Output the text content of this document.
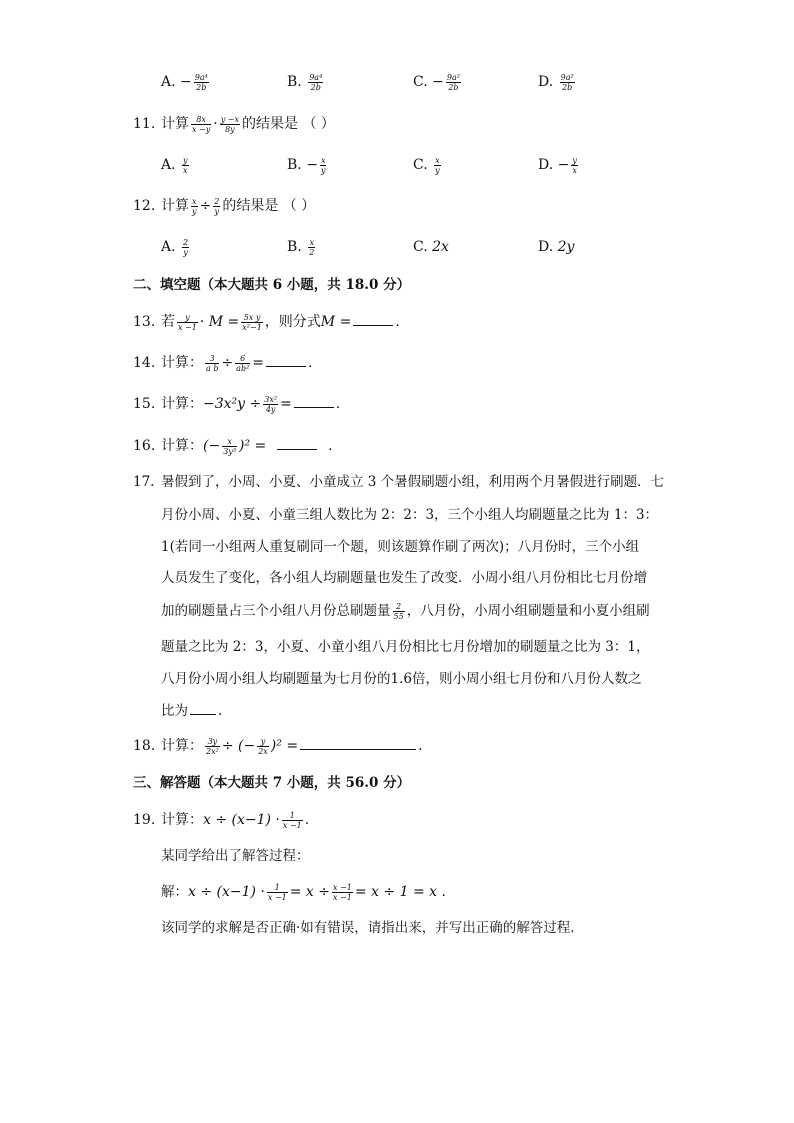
A. − $\frac{\text{9a⁴}}{2b}$	B. $\frac{\text{9a⁴}}{2b}$	C. − $\frac{\text{9a²}}{2b}$	D. $\frac{\text{9a²}}{2b}$
11. 计算 $\frac{8x}{x -y} \cdot \frac{y -x}{8y}$ 的结果是 （ ）
A. $\frac{y}{x}$	B. − $\frac{x}{y}$	C. $\frac{x}{y}$	D. − $\frac{y}{x}$
12. 计算 $\frac{x}{y} \div \frac{2}{y}$ 的结果是 （ ）
A. $\frac{2}{y}$	B. $\frac{x}{2}$	C. 2x	D. 2y
二、填空题（本大题共 6 小题，共 18.0 分）
13. 若 $\frac{y}{x -1} \cdot M = \frac{\text{5x y}}{\text{x²−1}}$ ，则分式M =	.
14. 计算： $\frac{3}{\text{a b}} \div \frac{6}{\text{ab²}}$ =	.
15. 计算：$-3x^2y \div \frac{\text{3x²}}{4y}$ =	.
16. 计算：(− $\frac{x}{\text{3y³}} )^2$ =	.
17. 暑假到了，小周、小夏、小童成立 3 个暑假刷题小组，利用两个月暑假进行刷题．七
月份小周、小夏、小童三组人数比为 2：2：3，三个小组人均刷题量之比为 1：3：
1(若同一小组两人重复刷同一个题，则该题算作刷了两次)；八月份时，三个小组
人员发生了变化，各小组人均刷题量也发生了改变．小周小组八月份相比七月份增
加的刷题量占三个小组八月份总刷题量 $\frac{2}{55}$ ，八月份，小周小组刷题量和小夏小组刷
题量之比为 2：3，小夏、小童小组八月份相比七月份增加的刷题量之比为 3：1，
八月份小周小组人均刷题量为七月份的1.6倍，则小周小组七月份和八月份人数之
比为 .
18. 计算： $\frac{3y}{\text{2x²}}$ ÷ (− $\frac{y}{2x} )^2$ =	.
三、解答题（本大题共 7 小题，共 56.0 分）
19. 计算：$x \div (x-1) \cdot \frac{1}{x -1}$ .
某同学给出了解答过程：
解：$x \div (x-1) \cdot \frac{1}{x -1} = x \div \frac{x -1}{x -1} = x \div 1 = x$ .
该同学的求解是否正确·如有错误，请指出来，并写出正确的解答过程．
